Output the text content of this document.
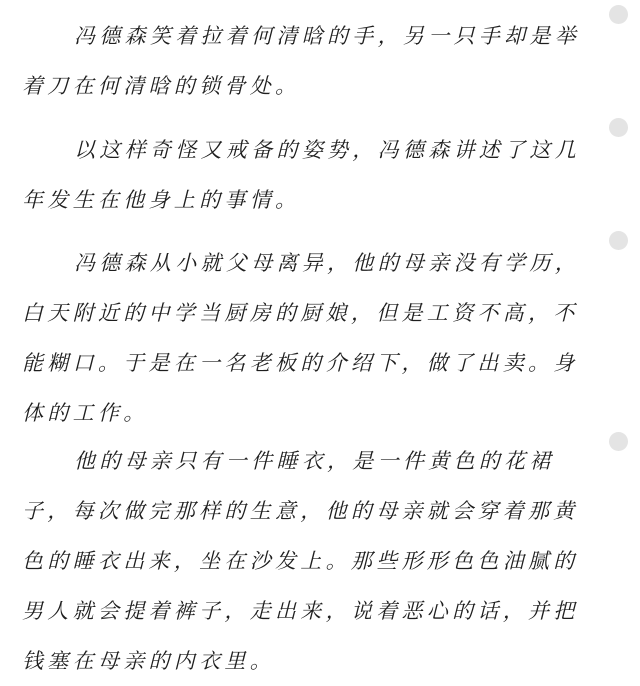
冯德森笑着拉着何清晗的手，另一只手却是举着刀在何清晗的锁骨处。

以这样奇怪又戒备的姿势，冯德森讲述了这几年发生在他身上的事情。

冯德森从小就父母离异，他的母亲没有学历，白天附近的中学当厨房的厨娘，但是工资不高，不能糊口。于是在一名老板的介绍下，做了出卖。身体的工作。

他的母亲只有一件睡衣，是一件黄色的花裙子，每次做完那样的生意，他的母亲就会穿着那黄色的睡衣出来，坐在沙发上。那些形形色色油腻的男人就会提着裤子，走出来，说着恶心的话，并把钱塞在母亲的内衣里。
